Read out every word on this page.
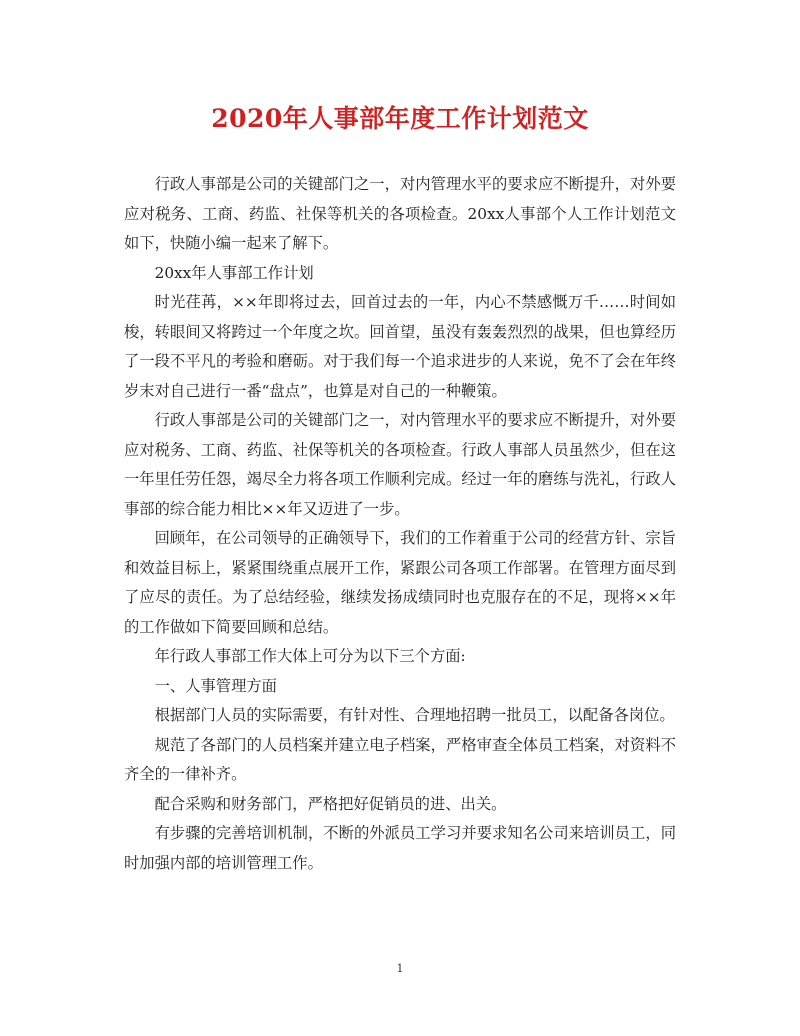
2020年人事部年度工作计划范文

行政人事部是公司的关键部门之一，对内管理水平的要求应不断提升，对外要应对税务、工商、药监、社保等机关的各项检查。20xx人事部个人工作计划范文如下，快随小编一起来了解下。

20xx年人事部工作计划

时光荏苒，××年即将过去，回首过去的一年，内心不禁感慨万千……时间如梭，转眼间又将跨过一个年度之坎。回首望，虽没有轰轰烈烈的战果，但也算经历了一段不平凡的考验和磨砺。对于我们每一个追求进步的人来说，免不了会在年终岁末对自己进行一番“盘点”，也算是对自己的一种鞭策。

行政人事部是公司的关键部门之一，对内管理水平的要求应不断提升，对外要应对税务、工商、药监、社保等机关的各项检查。行政人事部人员虽然少，但在这一年里任劳任怨，竭尽全力将各项工作顺利完成。经过一年的磨练与洗礼，行政人事部的综合能力相比××年又迈进了一步。

回顾年，在公司领导的正确领导下，我们的工作着重于公司的经营方针、宗旨和效益目标上，紧紧围绕重点展开工作，紧跟公司各项工作部署。在管理方面尽到了应尽的责任。为了总结经验，继续发扬成绩同时也克服存在的不足，现将××年的工作做如下简要回顾和总结。

年行政人事部工作大体上可分为以下三个方面:

一、人事管理方面

根据部门人员的实际需要，有针对性、合理地招聘一批员工，以配备各岗位。

规范了各部门的人员档案并建立电子档案，严格审查全体员工档案，对资料不齐全的一律补齐。

配合采购和财务部门，严格把好促销员的进、出关。

有步骤的完善培训机制，不断的外派员工学习并要求知名公司来培训员工，同时加强内部的培训管理工作。

1
